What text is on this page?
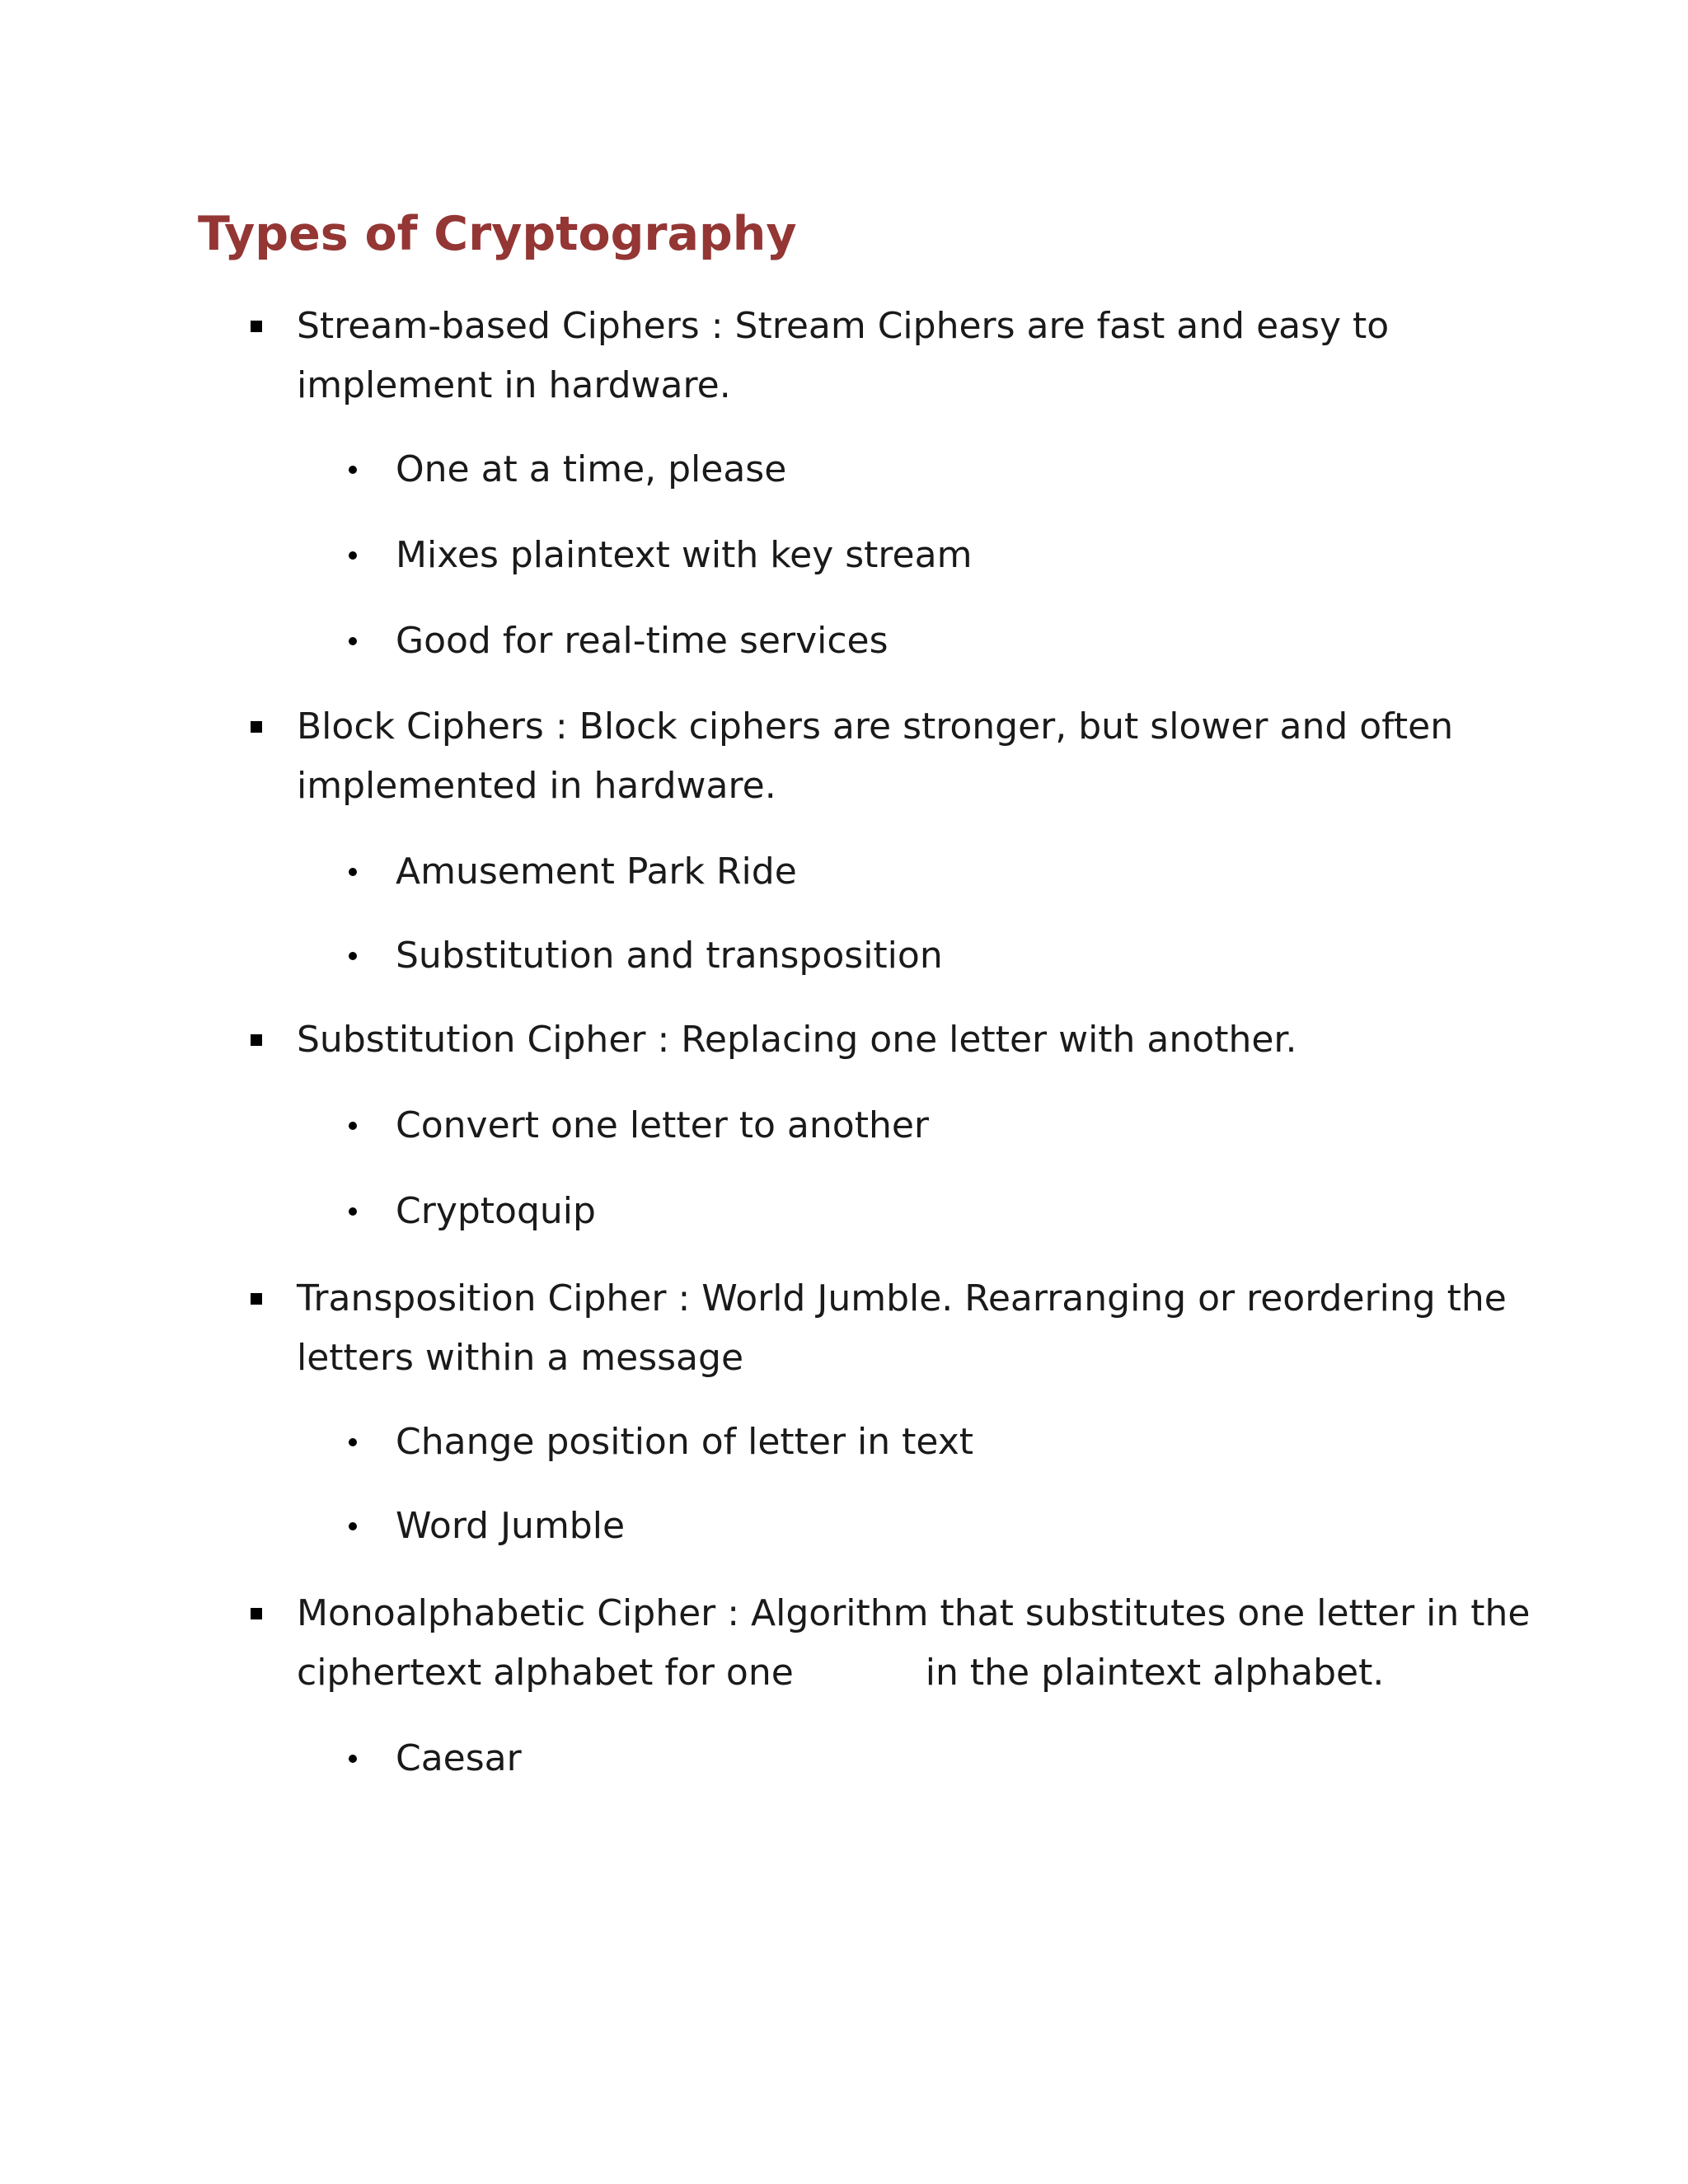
Types of Cryptography
Stream-based Ciphers : Stream Ciphers are fast and easy to
implement in hardware.
One at a time, please
Mixes plaintext with key stream
Good for real-time services
Block Ciphers : Block ciphers are stronger, but slower and often
implemented in hardware.
Amusement Park Ride
Substitution and transposition
Substitution Cipher : Replacing one letter with another.
Convert one letter to another
Cryptoquip
Transposition Cipher : World Jumble. Rearranging or reordering the
letters within a message
Change position of letter in text
Word Jumble
Monoalphabetic Cipher : Algorithm that substitutes one letter in the
ciphertext alphabet for one	in the plaintext alphabet.
Caesar
